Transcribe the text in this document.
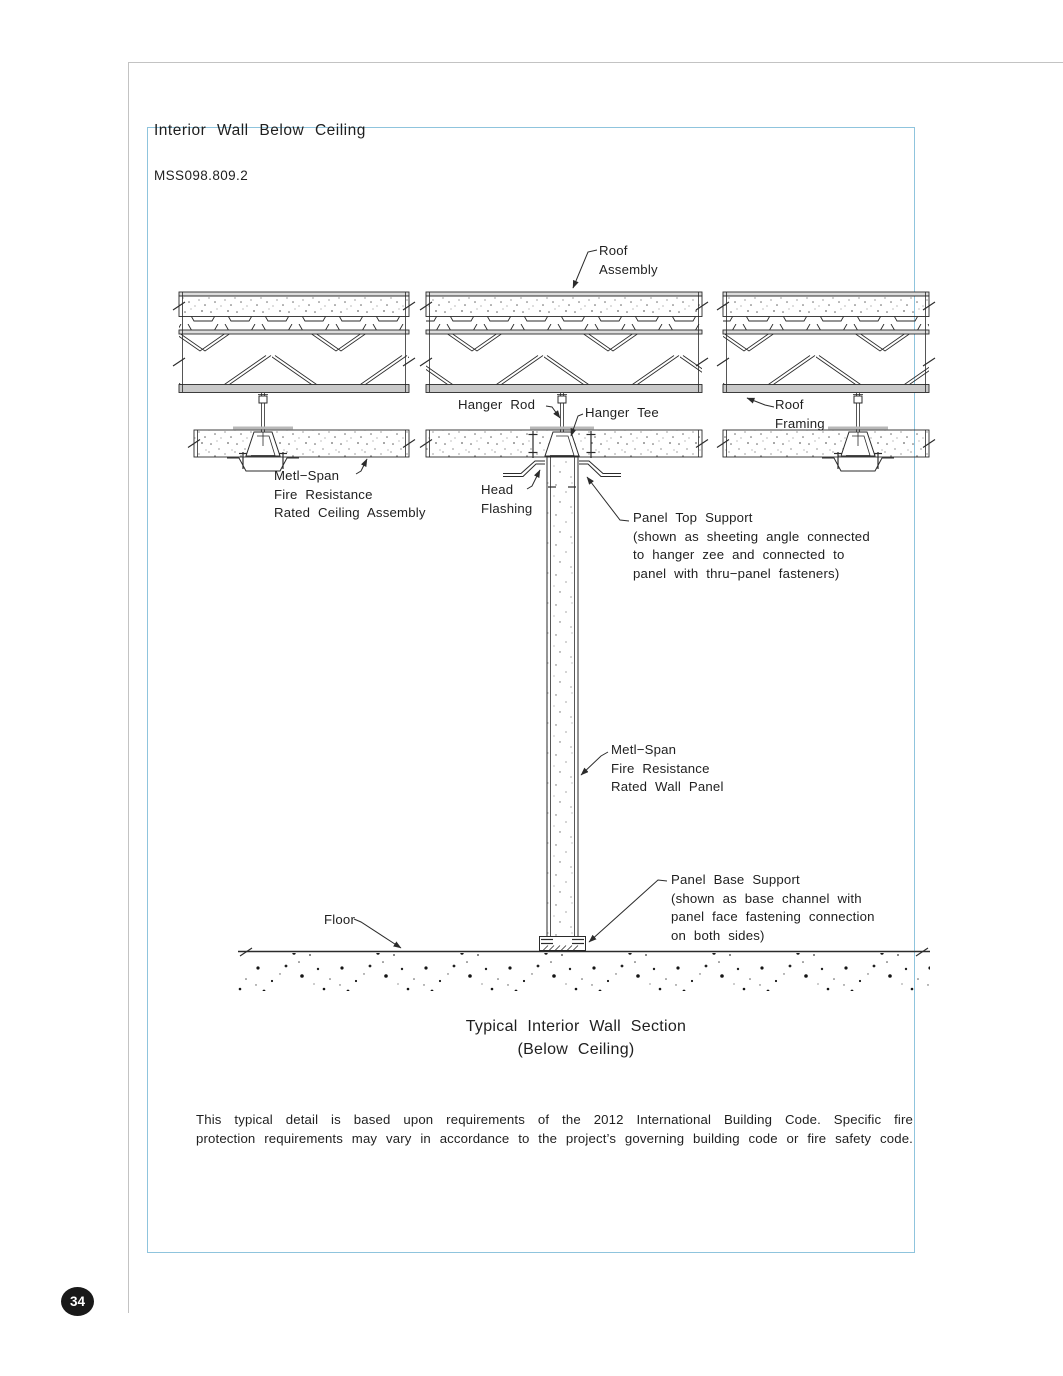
Interior Wall Below Ceiling
MSS098.809.2
Roof
Assembly
Hanger Rod
Hanger Tee
Roof
Framing
Metl−Span
Fire Resistance
Rated Ceiling Assembly
Head
Flashing
Panel Top Support
(shown as sheeting angle connected
to hanger zee and connected to
panel with thru−panel fasteners)
Metl−Span
Fire Resistance
Rated Wall Panel
Floor
Panel Base Support
(shown as base channel with
panel face fastening connection
on both sides)
Typical Interior Wall Section
(Below Ceiling)
This typical detail is based upon requirements of the 2012 International Building Code. Specific fire
protection requirements may vary in accordance to the project’s governing building code or fire safety code.
34
